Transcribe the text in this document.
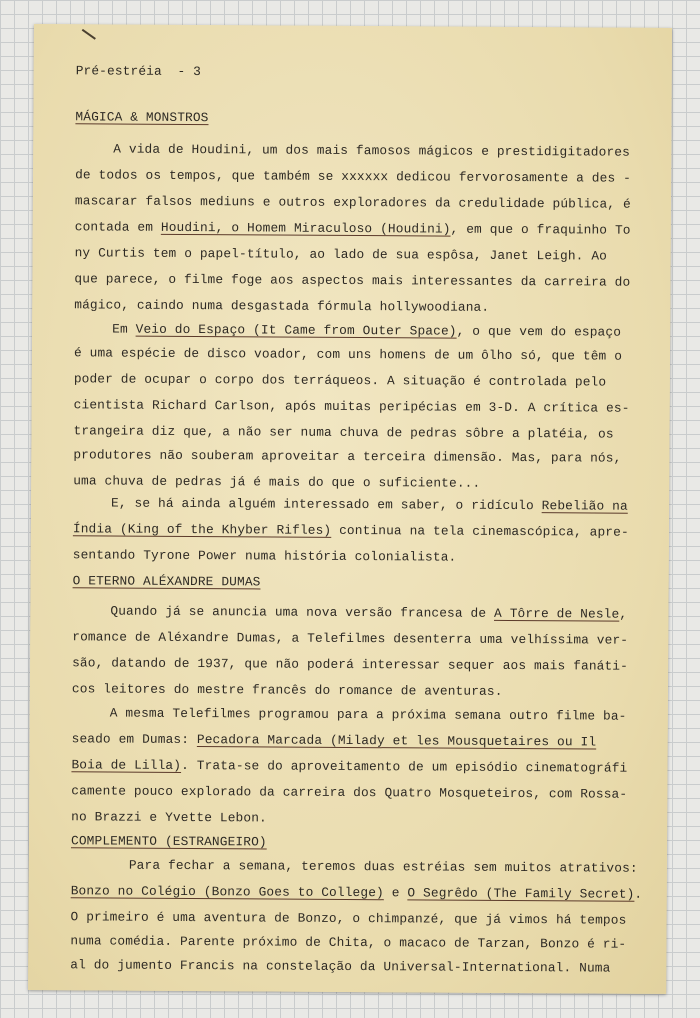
Pré-estréia  - 3
MÁGICA & MONSTROS
A vida de Houdini, um dos mais famosos mágicos e prestidigitadores
de todos os tempos, que também se xxxxxx dedicou fervorosamente a des -
mascarar falsos mediuns e outros exploradores da credulidade pública, é
contada em Houdini, o Homem Miraculoso (Houdini), em que o fraquinho To
ny Curtis tem o papel-título, ao lado de sua espôsa, Janet Leigh. Ao
que parece, o filme foge aos aspectos mais interessantes da carreira do
mágico, caindo numa desgastada fórmula hollywoodiana.
Em Veio do Espaço (It Came from Outer Space), o que vem do espaço
é uma espécie de disco voador, com uns homens de um ôlho só, que têm o
poder de ocupar o corpo dos terráqueos. A situação é controlada pelo
cientista Richard Carlson, após muitas peripécias em 3-D. A crítica es-
trangeira diz que, a não ser numa chuva de pedras sôbre a platéia, os
produtores não souberam aproveitar a terceira dimensão. Mas, para nós,
uma chuva de pedras já é mais do que o suficiente...
E, se há ainda alguém interessado em saber, o ridículo Rebelião na
Índia (King of the Khyber Rifles) continua na tela cinemascópica, apre-
sentando Tyrone Power numa história colonialista.
O ETERNO ALÉXANDRE DUMAS
Quando já se anuncia uma nova versão francesa de A Tôrre de Nesle,
romance de Aléxandre Dumas, a Telefilmes desenterra uma velhíssima ver-
são, datando de 1937, que não poderá interessar sequer aos mais fanáti-
cos leitores do mestre francês do romance de aventuras.
A mesma Telefilmes programou para a próxima semana outro filme ba-
seado em Dumas: Pecadora Marcada (Milady et les Mousquetaires ou Il
Boia de Lilla). Trata-se do aproveitamento de um episódio cinematográfi
camente pouco explorado da carreira dos Quatro Mosqueteiros, com Rossa-
no Brazzi e Yvette Lebon.
COMPLEMENTO (ESTRANGEIRO)
Para fechar a semana, teremos duas estréias sem muitos atrativos:
Bonzo no Colégio (Bonzo Goes to College) e O Segrêdo (The Family Secret).
O primeiro é uma aventura de Bonzo, o chimpanzé, que já vimos há tempos
numa comédia. Parente próximo de Chita, o macaco de Tarzan, Bonzo é ri-
al do jumento Francis na constelação da Universal-International. Numa
